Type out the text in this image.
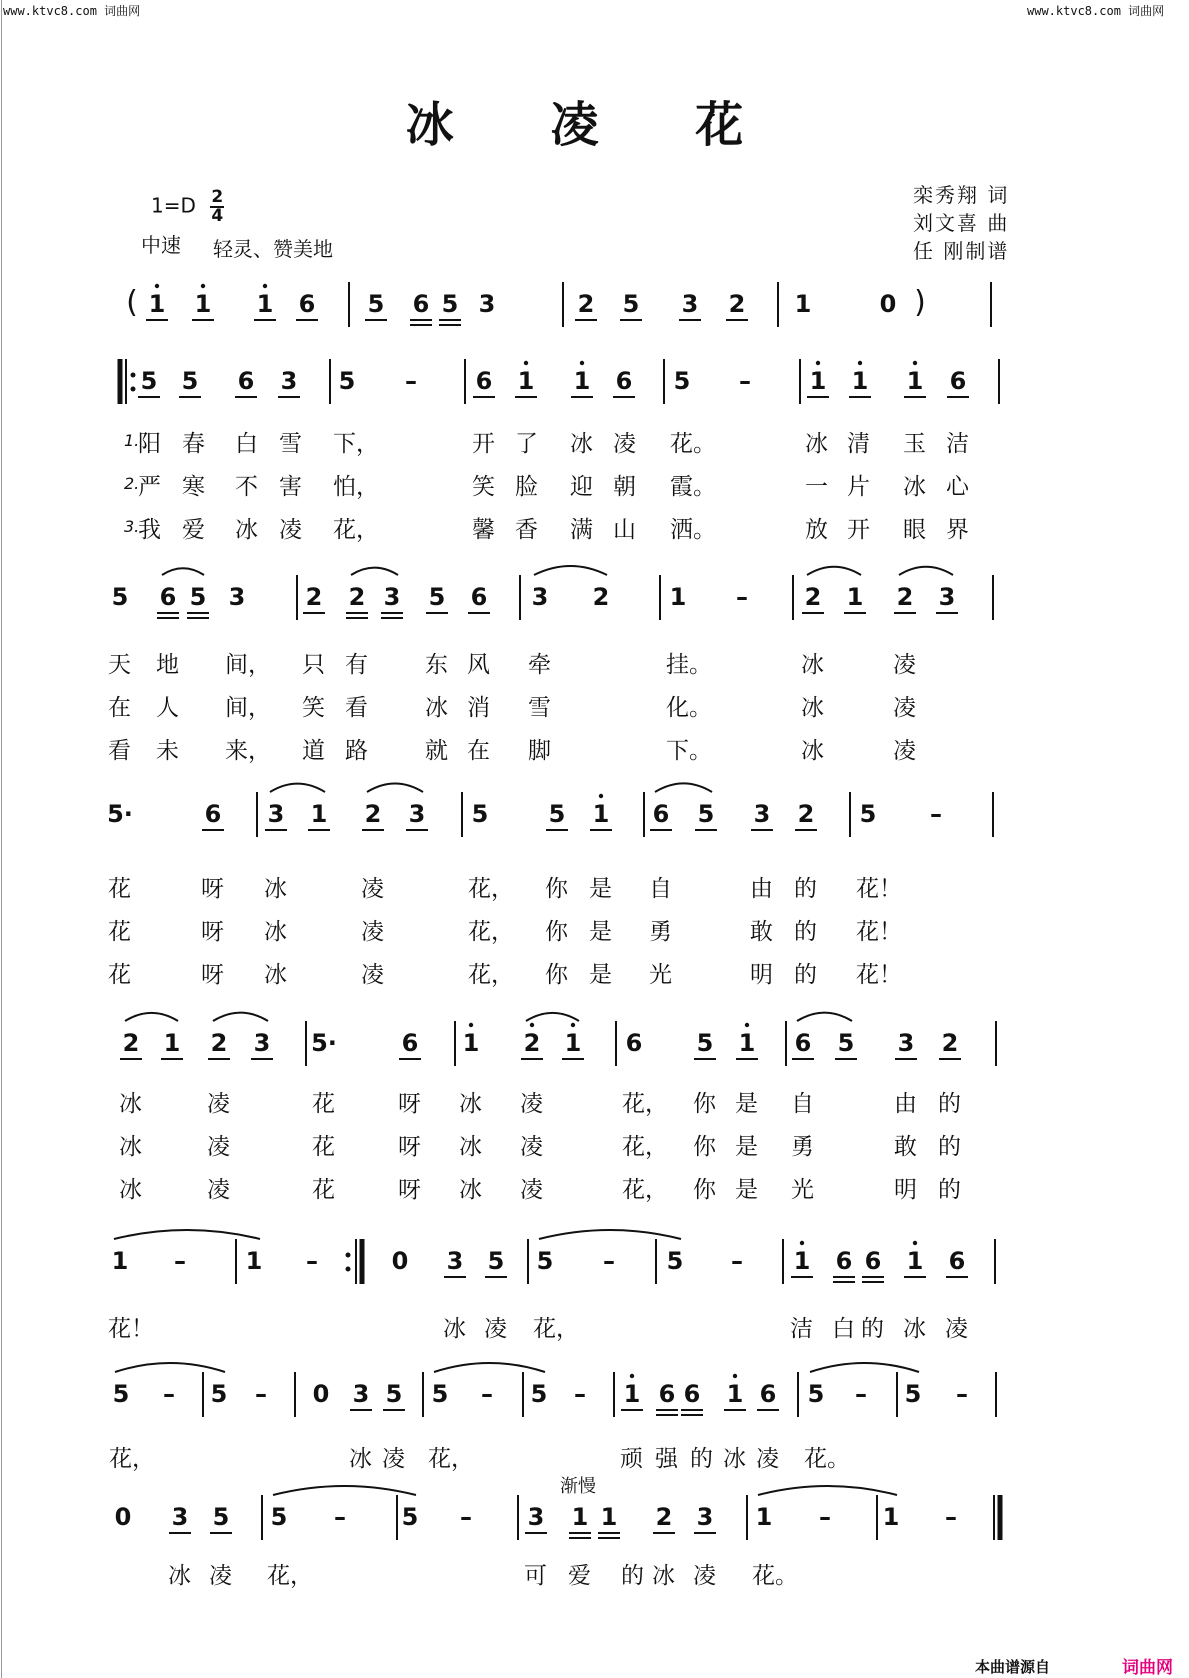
www.ktvc8.com 词曲网	www.ktvc8.com 词曲网
冰 凌 花
$1=D \frac{2}{4}$
中速 轻灵、赞美地
栾秀翔 词
刘文喜 曲
任 刚制谱
( 1 1 1 6 5 6 5 3	2 5 3 2 1	0 )
5 5 6 3 5 – 6 1 1 6 5 – 1 1 1 6
5 6 5 3	2 2 3 5 6 3 2	1 – 2 1 2 3
5·	6 3 1 2 3 5	5 1 6 5 3 2 5 –
2 1 2 3 5·	6 1 2 1 6 5 1 6 5 3 2
1 – 1 –	0 3 5 5 – 5 – 1 6 6 1 6
5 – 5 – 0 3 5 5 – 5 – 1 6 6 1 6 5 – 5 –
0 3 5 5 – 5 – 3 1 1 2 3 1 – 1 –
1.
阳 春 白 雪 下，	开 了 冰 凌 花。	冰 清 玉 洁
2.
严 寒 不 害 怕，	笑 脸 迎 朝 霞。	一 片 冰 心
3.
我 爱 冰 凌 花，	馨 香 满 山 洒。	放 开 眼 界
天 地 间， 只 有 东 风 牵	挂。	冰	凌
在 人 间， 笑 看 冰 消 雪	化。	冰	凌
看 未 来， 道 路 就 在 脚	下。	冰	凌
花	呀 冰	凌	花， 你 是 自	由 的 花！
花	呀 冰	凌	花， 你 是 勇	敢 的 花！
花	呀 冰	凌	花， 你 是 光	明 的 花！
冰	凌	花	呀 冰 凌	花， 你 是 自	由 的
冰	凌	花	呀 冰 凌	花， 你 是 勇	敢 的
冰	凌	花	呀 冰 凌	花， 你 是 光	明 的
花！	冰 凌 花，	洁 白 的 冰 凌
花，	冰 凌 花，	顽 强 的 冰 凌 花。
冰 凌 花，	可 爱 的 冰 凌 花。
渐慢
本曲谱源自	词曲网
